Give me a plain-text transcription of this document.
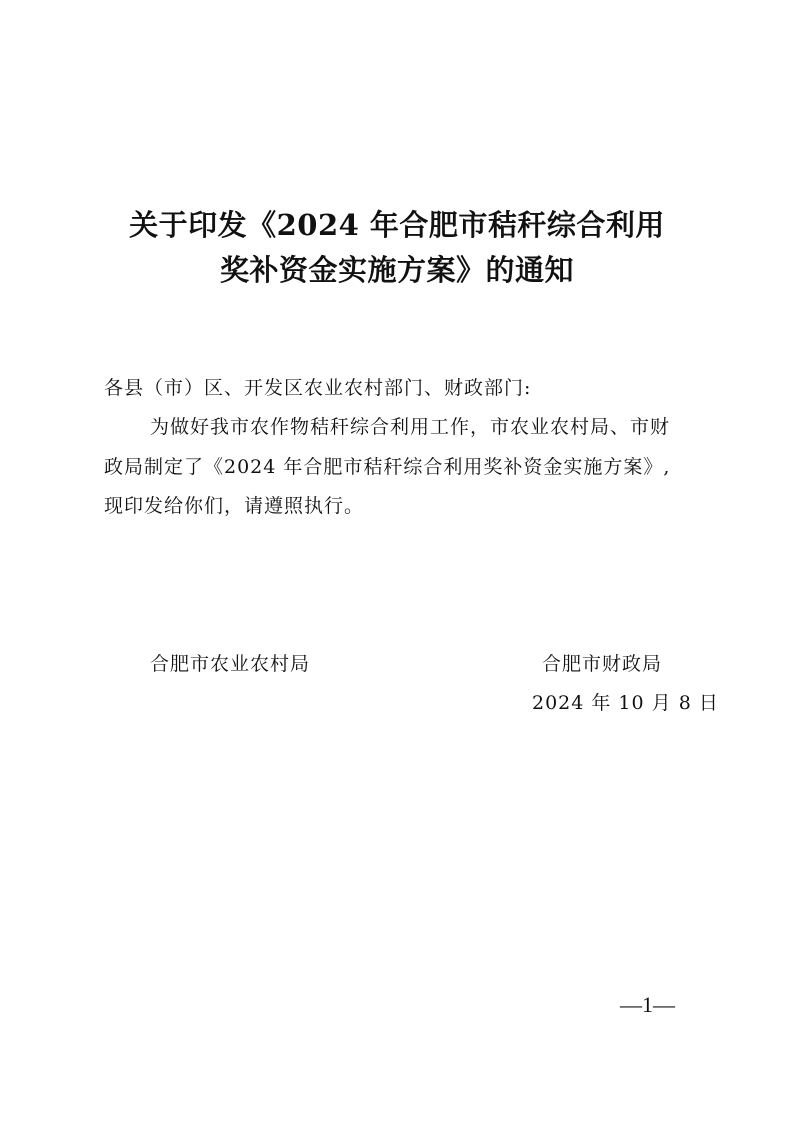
关于印发《2024 年合肥市秸秆综合利用
奖补资金实施方案》的通知
各县（市）区、开发区农业农村部门、财政部门:
为做好我市农作物秸秆综合利用工作，市农业农村局、市财
政局制定了《2024 年合肥市秸秆综合利用奖补资金实施方案》,
现印发给你们，请遵照执行。
合肥市农业农村局	合肥市财政局
2024 年 10 月 8 日
—1—
